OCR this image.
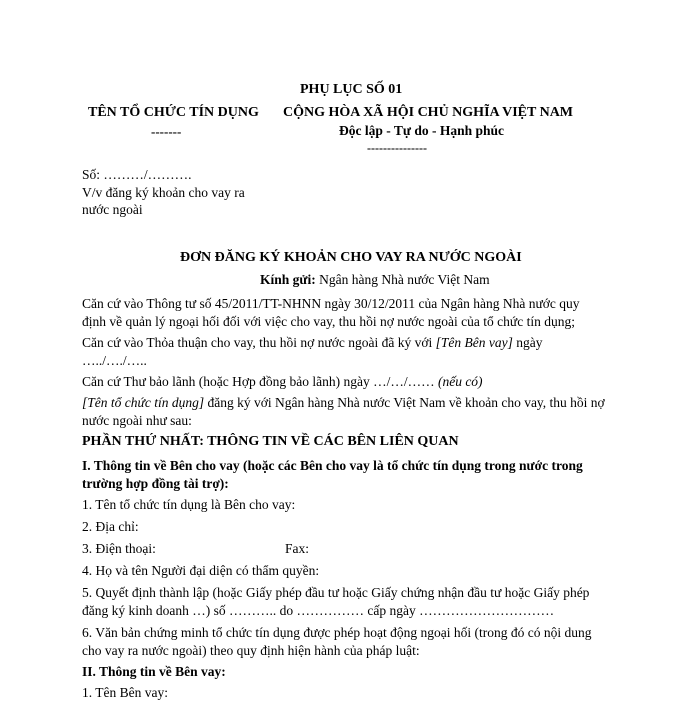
PHỤ LỤC SỐ 01
TÊN TỔ CHỨC TÍN DỤNG
-------
CỘNG HÒA XÃ HỘI CHỦ NGHĨA VIỆT NAM
Độc lập - Tự do - Hạnh phúc
---------------
Số: ………/……….
V/v đăng ký khoản cho vay ra
nước ngoài
ĐƠN ĐĂNG KÝ KHOẢN CHO VAY RA NƯỚC NGOÀI
Kính gửi: Ngân hàng Nhà nước Việt Nam
Căn cứ vào Thông tư số 45/2011/TT-NHNN ngày 30/12/2011 của Ngân hàng Nhà nước quy
định về quản lý ngoại hối đối với việc cho vay, thu hồi nợ nước ngoài của tổ chức tín dụng;
Căn cứ vào Thỏa thuận cho vay, thu hồi nợ nước ngoài đã ký với [Tên Bên vay] ngày
…../…./…..
Căn cứ Thư bảo lãnh (hoặc Hợp đồng bảo lãnh) ngày …/…/…… (nếu có)
[Tên tổ chức tín dụng] đăng ký với Ngân hàng Nhà nước Việt Nam về khoản cho vay, thu hồi nợ
nước ngoài như sau:
PHẦN THỨ NHẤT: THÔNG TIN VỀ CÁC BÊN LIÊN QUAN
I. Thông tin về Bên cho vay (hoặc các Bên cho vay là tổ chức tín dụng trong nước trong
trường hợp đồng tài trợ):
1. Tên tổ chức tín dụng là Bên cho vay:
2. Địa chỉ:
3. Điện thoại:	Fax:
4. Họ và tên Người đại diện có thẩm quyền:
5. Quyết định thành lập (hoặc Giấy phép đầu tư hoặc Giấy chứng nhận đầu tư hoặc Giấy phép
đăng ký kinh doanh …) số ……….. do …………… cấp ngày …………………………
6. Văn bản chứng minh tổ chức tín dụng được phép hoạt động ngoại hối (trong đó có nội dung
cho vay ra nước ngoài) theo quy định hiện hành của pháp luật:
II. Thông tin về Bên vay:
1. Tên Bên vay:
